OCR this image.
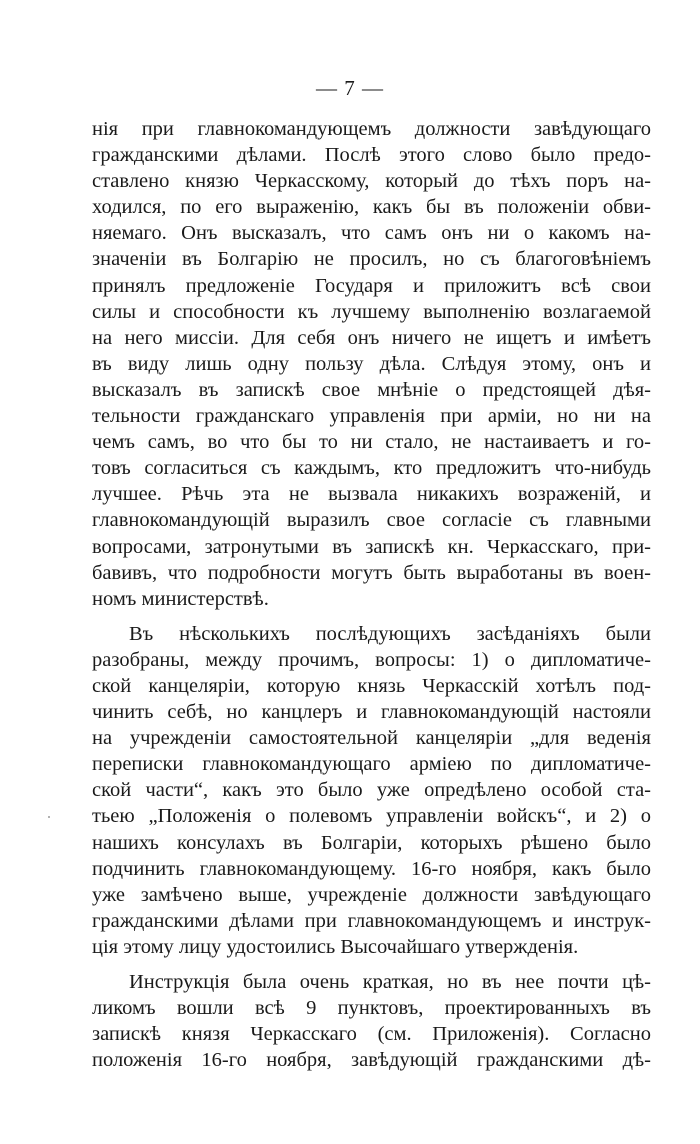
— 7 —
нія при главнокомандующемъ должности завѣдующаго
гражданскими дѣлами. Послѣ этого слово было предо-
ставлено князю Черкасскому, который до тѣхъ поръ на-
ходился, по его выраженію, какъ бы въ положеніи обви-
няемаго. Онъ высказалъ, что самъ онъ ни о какомъ на-
значеніи въ Болгарію не просилъ, но съ благоговѣніемъ
принялъ предложеніе Государя и приложитъ всѣ свои
силы и способности къ лучшему выполненію возлагаемой
на него миссіи. Для себя онъ ничего не ищетъ и имѣетъ
въ виду лишь одну пользу дѣла. Слѣдуя этому, онъ и
высказалъ въ запискѣ свое мнѣніе о предстоящей дѣя-
тельности гражданскаго управленія при арміи, но ни на
чемъ самъ, во что бы то ни стало, не настаиваетъ и го-
товъ согласиться съ каждымъ, кто предложитъ что-нибудь
лучшее. Рѣчь эта не вызвала никакихъ возраженій, и
главнокомандующій выразилъ свое согласіе съ главными
вопросами, затронутыми въ запискѣ кн. Черкасскаго, при-
бавивъ, что подробности могутъ быть выработаны въ воен-
номъ министерствѣ.
Въ нѣсколькихъ послѣдующихъ засѣданіяхъ были
разобраны, между прочимъ, вопросы: 1) о дипломатиче-
ской канцеляріи, которую князь Черкасскій хотѣлъ под-
чинить себѣ, но канцлеръ и главнокомандующій настояли
на учрежденіи самостоятельной канцеляріи „для веденія
переписки главнокомандующаго арміею по дипломатиче-
ской части“, какъ это было уже опредѣлено особой ста-
тьею „Положенія о полевомъ управленіи войскъ“, и 2) о
нашихъ консулахъ въ Болгаріи, которыхъ рѣшено было
подчинить главнокомандующему. 16-го ноября, какъ было
уже замѣчено выше, учрежденіе должности завѣдующаго
гражданскими дѣлами при главнокомандующемъ и инструк-
ція этому лицу удостоились Высочайшаго утвержденія.
Инструкція была очень краткая, но въ нее почти цѣ-
ликомъ вошли всѣ 9 пунктовъ, проектированныхъ въ
запискѣ князя Черкасскаго (см. Приложенія). Согласно
положенія 16-го ноября, завѣдующій гражданскими дѣ-
